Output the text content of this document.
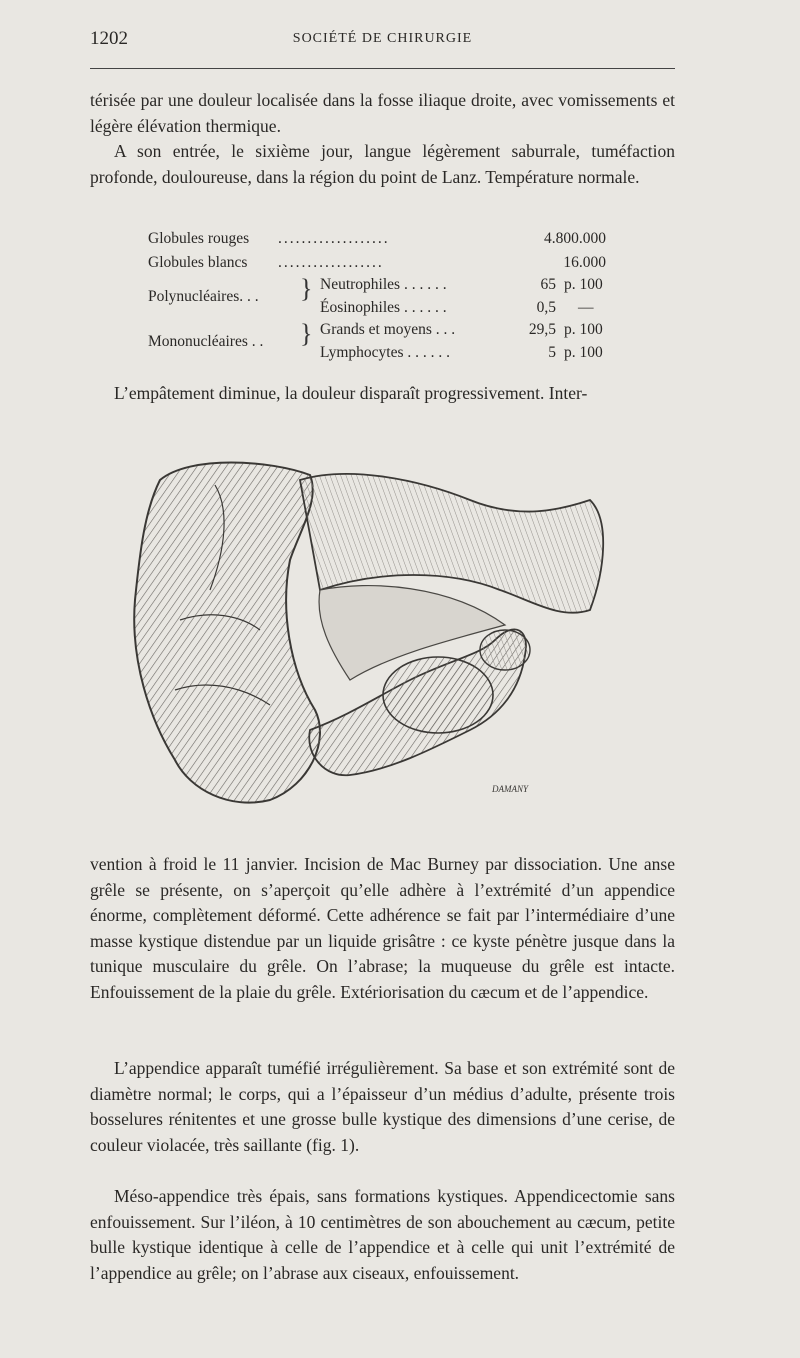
1202	SOCIÉTÉ DE CHIRURGIE

térisée par une douleur localisée dans la fosse iliaque droite, avec vomissements et légère élévation thermique.

A son entrée, le sixième jour, langue légèrement saburrale, tuméfaction profonde, douloureuse, dans la région du point de Lanz. Température normale.

Globules rouges ...................	4.800.000
Globules blancs ..................	16.000
Polynucléaires. . . } Neutrophiles . . . . . .	65 p. 100
Éosinophiles . . . . . .	0,5 —
Mononucléaires . . } Grands et moyens . . .	29,5 p. 100
Lymphocytes . . . . . .	5 p. 100

L’empâtement diminue, la douleur disparaît progressivement. Inter-

DAMANY

vention à froid le 11 janvier. Incision de Mac Burney par dissociation. Une anse grêle se présente, on s’aperçoit qu’elle adhère à l’extrémité d’un appendice énorme, complètement déformé. Cette adhérence se fait par l’intermédiaire d’une masse kystique distendue par un liquide grisâtre : ce kyste pénètre jusque dans la tunique musculaire du grêle. On l’abrase; la muqueuse du grêle est intacte. Enfouissement de la plaie du grêle. Extériorisation du cæcum et de l’appendice.

L’appendice apparaît tuméfié irrégulièrement. Sa base et son extrémité sont de diamètre normal; le corps, qui a l’épaisseur d’un médius d’adulte, présente trois bosselures rénitentes et une grosse bulle kystique des dimensions d’une cerise, de couleur violacée, très saillante (fig. 1).

Méso-appendice très épais, sans formations kystiques. Appendicectomie sans enfouissement. Sur l’iléon, à 10 centimètres de son abouchement au cæcum, petite bulle kystique identique à celle de l’appendice et à celle qui unit l’extrémité de l’appendice au grêle; on l’abrase aux ciseaux, enfouissement.
